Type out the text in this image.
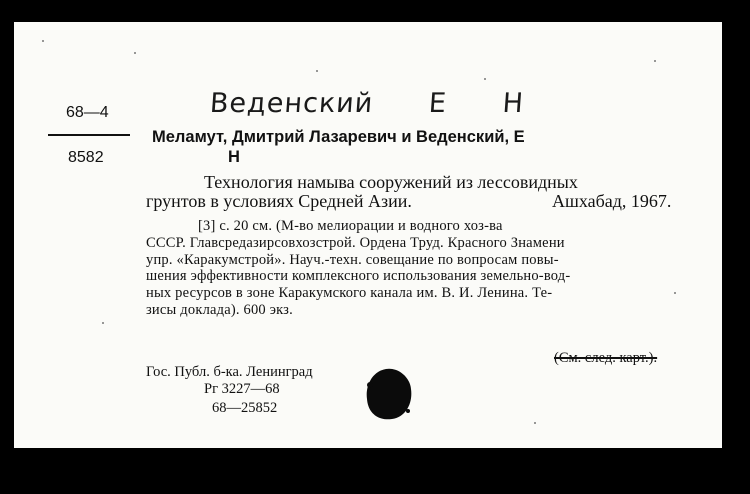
68—4
8582
Веденский Е Н
Меламут, Дмитрий Лазаревич и Веденский, Е
Н
Технология намыва сооружений из лессовидных
грунтов в условиях Средней Азии.	Ашхабад, 1967.
[3] с. 20 см. (М-во мелиорации и водного хоз-ва
СССР. Главсредазирсовхозстрой. Ордена Труд. Красного Знамени
упр. «Каракумстрой». Науч.-техн. совещание по вопросам повы-
шения эффективности комплексного использования земельно-вод-
ных ресурсов в зоне Каракумского канала им. В. И. Ленина. Те-
зисы доклада). 600 экз.
(См. след. карт.).
Гос. Публ. б-ка. Ленинград
Рг 3227—68
68—25852
